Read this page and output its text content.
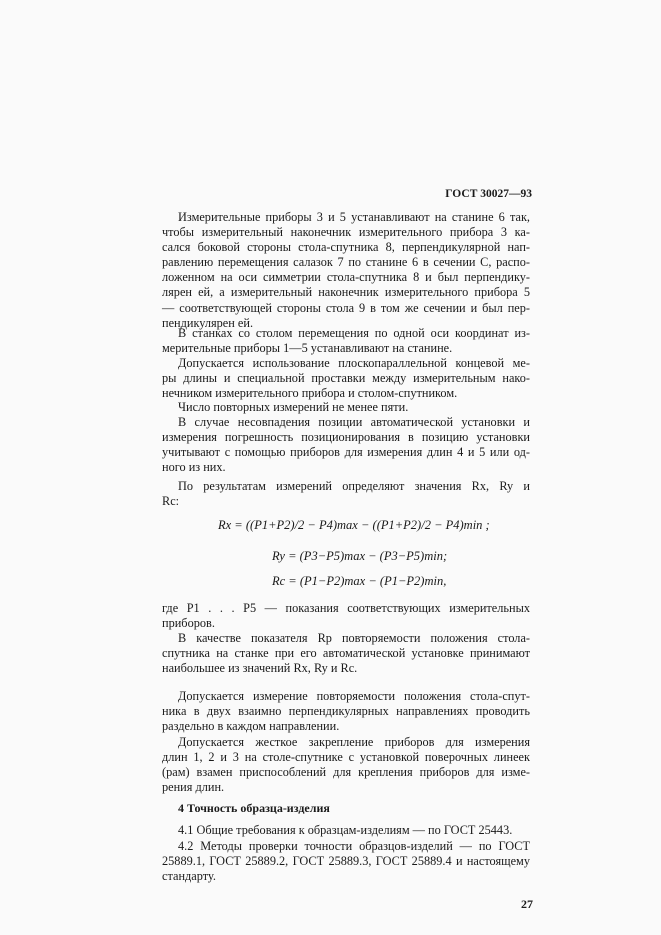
ГОСТ 30027—93
Измерительные приборы 3 и 5 устанавливают на станине 6 так,
чтобы измерительный наконечник измерительного прибора 3 ка-
сался боковой стороны стола-спутника 8, перпендикулярной нап-
равлению перемещения салазок 7 по станине 6 в сечении С, распо-
ложенном на оси симметрии стола-спутника 8 и был перпендику-
лярен ей, а измерительный наконечник измерительного прибора 5
— соответствующей стороны стола 9 в том же сечении и был пер-
пендикулярен ей.
В станках со столом перемещения по одной оси координат из-
мерительные приборы 1—5 устанавливают на станине.
Допускается использование плоскопараллельной концевой ме-
ры длины и специальной проставки между измерительным нако-
нечником измерительного прибора и столом-спутником.
Число повторных измерений не менее пяти.
В случае несовпадения позиции автоматической установки и
измерения погрешность позиционирования в позицию установки
учитывают с помощью приборов для измерения длин 4 и 5 или од-
ного из них.
По результатам измерений определяют значения Rx, Ry и
Rc:
где P1 . . . P5 — показания соответствующих измерительных
приборов.
В качестве показателя Rp повторяемости положения стола-
спутника на станке при его автоматической установке принимают
наибольшее из значений Rx, Ry и Rc.
Допускается измерение повторяемости положения стола-спут-
ника в двух взаимно перпендикулярных направлениях проводить
раздельно в каждом направлении.
Допускается жесткое закрепление приборов для измерения
длин 1, 2 и 3 на столе-спутнике с установкой поверочных линеек
(рам) взамен приспособлений для крепления приборов для изме-
рения длин.
4.1 Общие требования к образцам-изделиям — по ГОСТ 25443.
4.2 Методы проверки точности образцов-изделий — по ГОСТ
25889.1, ГОСТ 25889.2, ГОСТ 25889.3, ГОСТ 25889.4 и настоящему
стандарту.
Rx = ((P1+P2)/2 − P4)max − ((P1+P2)/2 − P4)min ;
Ry = (P3−P5)max − (P3−P5)min;
Rc = (P1−P2)max − (P1−P2)min,
4 Точность образца-изделия
27
